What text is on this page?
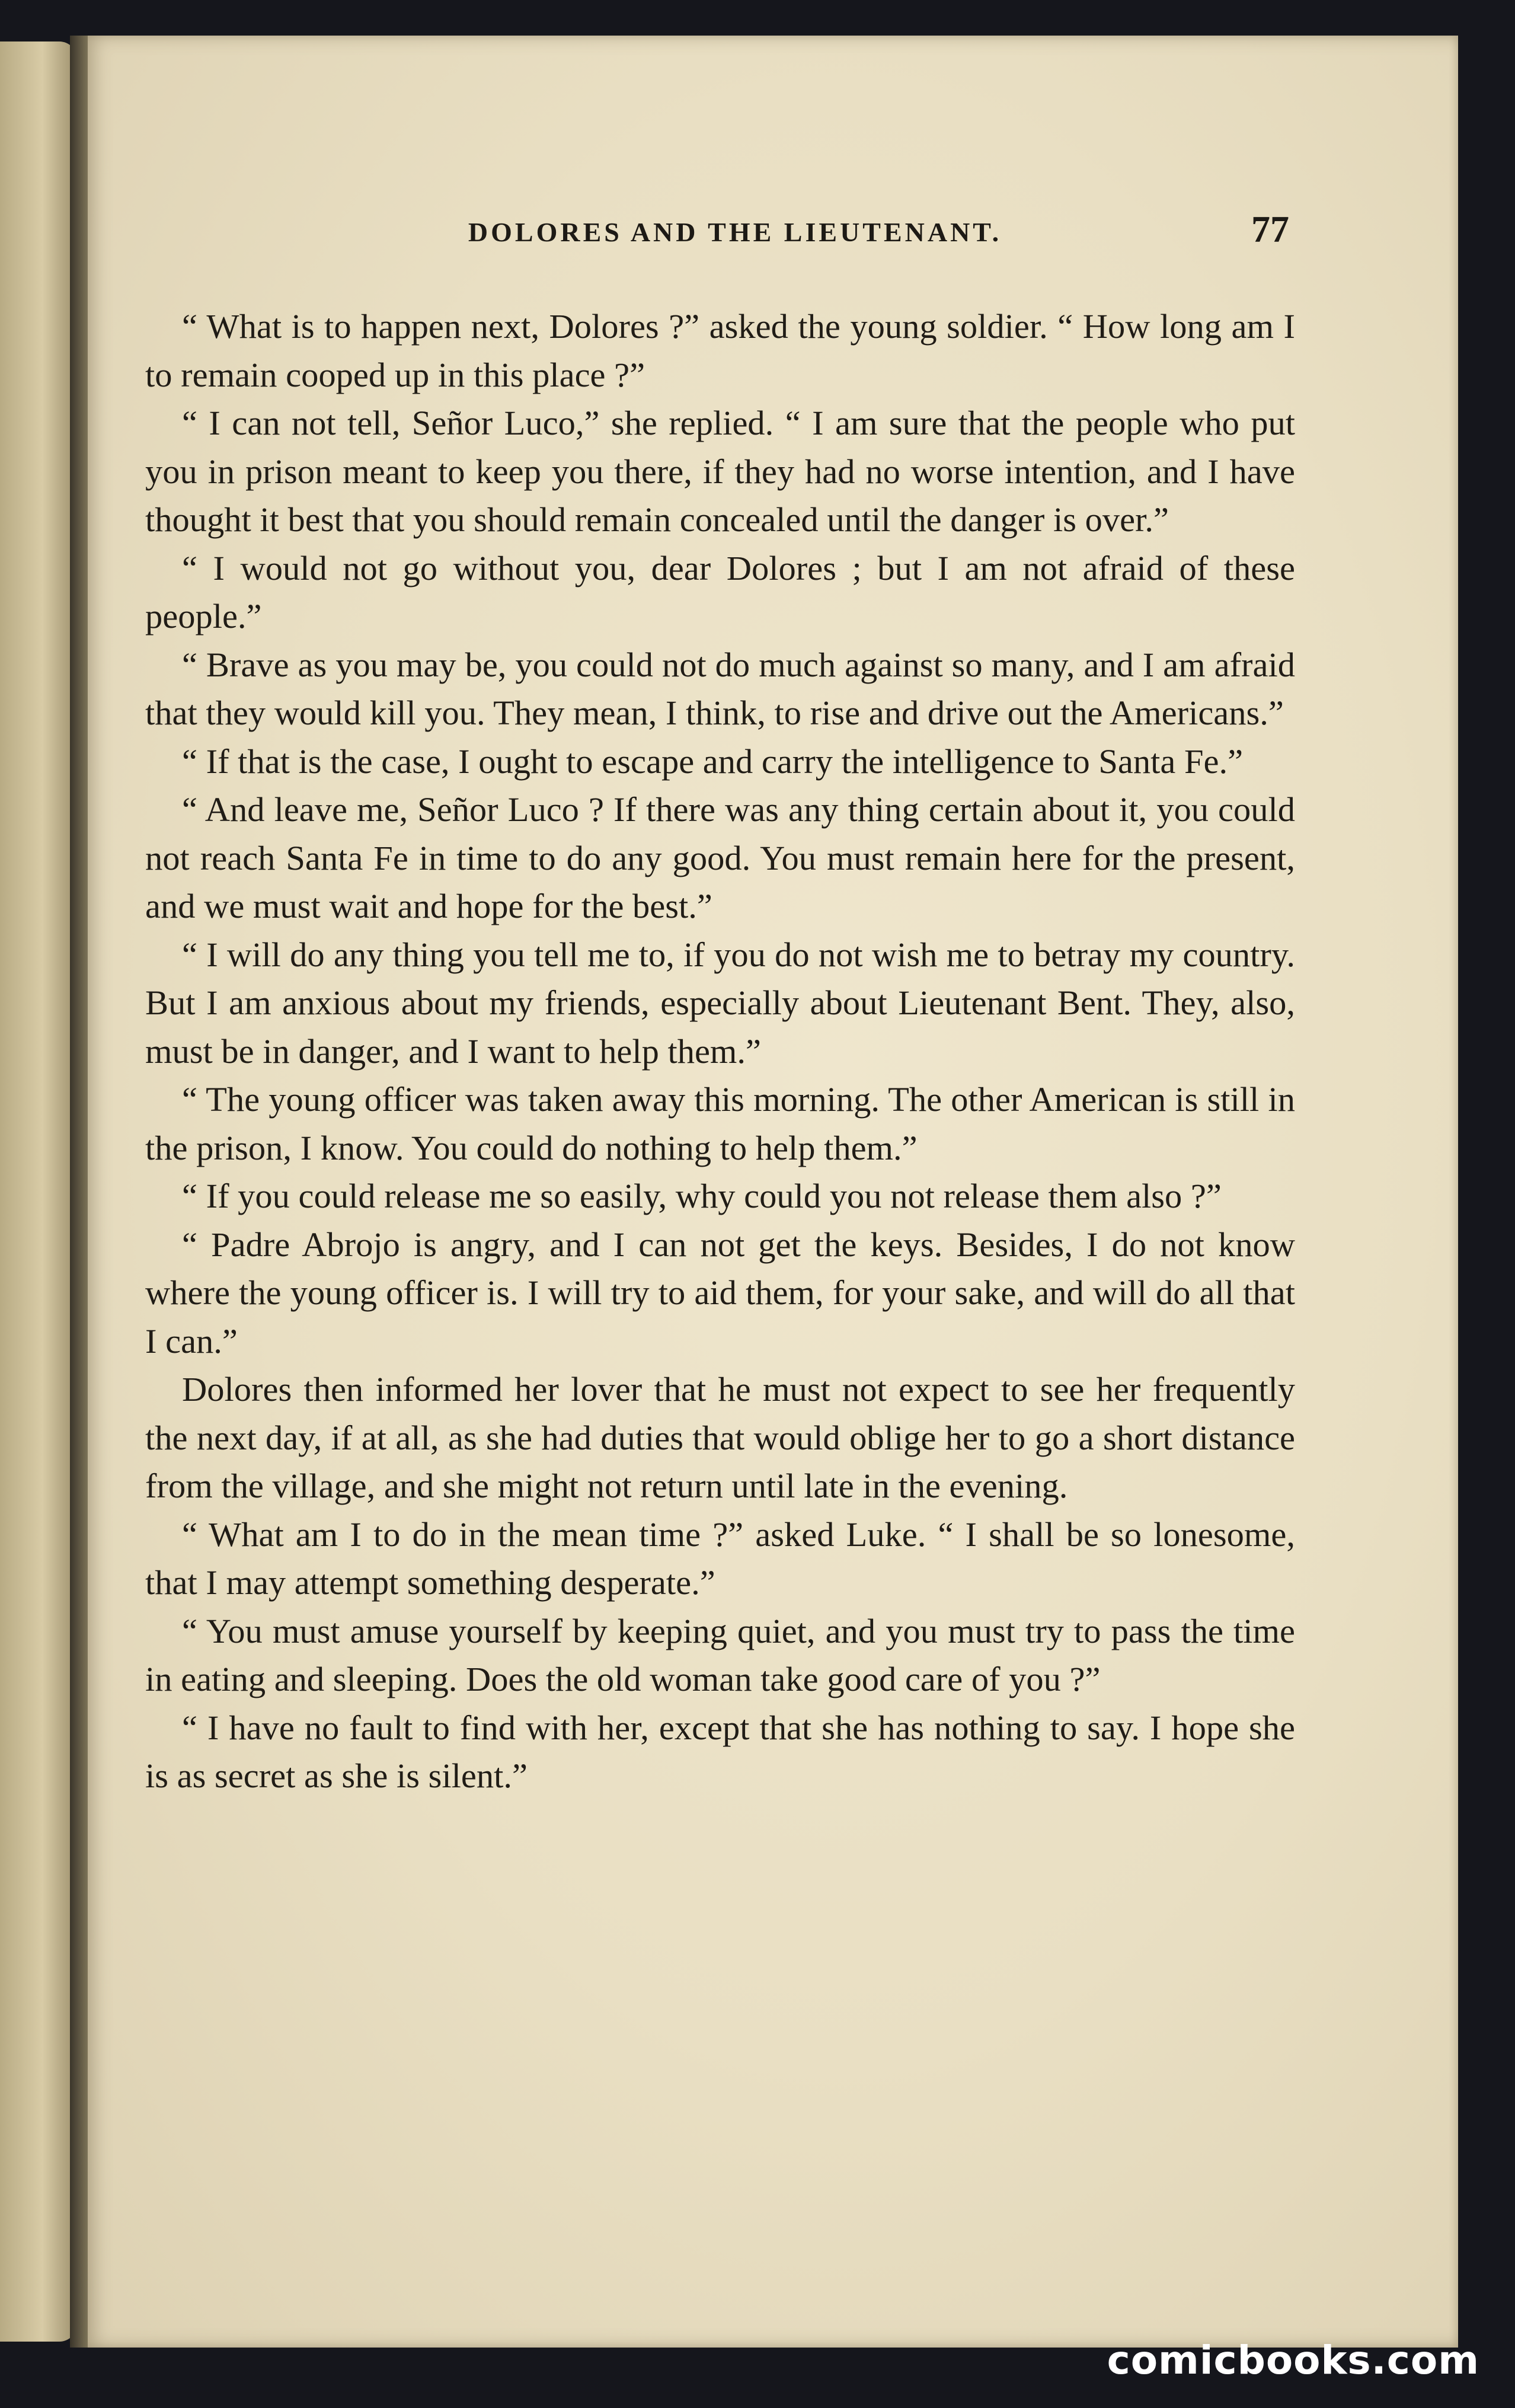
DOLORES AND THE LIEUTENANT.	77

“ What is to happen next, Dolores ?” asked the young soldier. “ How long am I to remain cooped up in this place ?”

“ I can not tell, Señor Luco,” she replied. “ I am sure that the people who put you in prison meant to keep you there, if they had no worse intention, and I have thought it best that you should remain concealed until the danger is over.”

“ I would not go without you, dear Dolores ; but I am not afraid of these people.”

“ Brave as you may be, you could not do much against so many, and I am afraid that they would kill you. They mean, I think, to rise and drive out the Americans.”

“ If that is the case, I ought to escape and carry the intelligence to Santa Fe.”

“ And leave me, Señor Luco ? If there was any thing certain about it, you could not reach Santa Fe in time to do any good. You must remain here for the present, and we must wait and hope for the best.”

“ I will do any thing you tell me to, if you do not wish me to betray my country. But I am anxious about my friends, especially about Lieutenant Bent. They, also, must be in danger, and I want to help them.”

“ The young officer was taken away this morning. The other American is still in the prison, I know. You could do nothing to help them.”

“ If you could release me so easily, why could you not release them also ?”

“ Padre Abrojo is angry, and I can not get the keys. Besides, I do not know where the young officer is. I will try to aid them, for your sake, and will do all that I can.”

Dolores then informed her lover that he must not expect to see her frequently the next day, if at all, as she had duties that would oblige her to go a short distance from the village, and she might not return until late in the evening.

“ What am I to do in the mean time ?” asked Luke. “ I shall be so lonesome, that I may attempt something desperate.”

“ You must amuse yourself by keeping quiet, and you must try to pass the time in eating and sleeping. Does the old woman take good care of you ?”

“ I have no fault to find with her, except that she has nothing to say. I hope she is as secret as she is silent.”

comicbooks.com
